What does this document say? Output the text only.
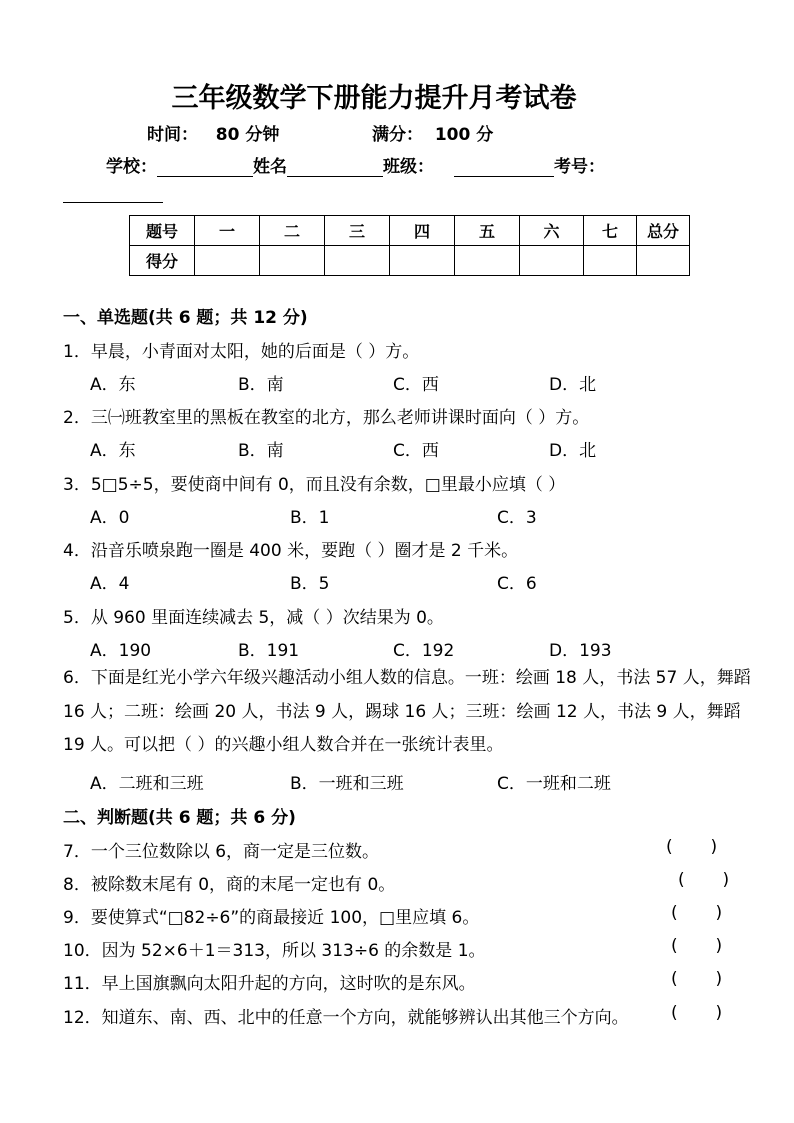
三年级数学下册能力提升月考试卷
时间：   80 分钟	满分：  100 分
学校：	姓名	班级：	考号：
题号	一	二	三	四	五	六	七	总分
得分								
一、单选题(共 6 题；共 12 分)
1．早晨，小青面对太阳，她的后面是（ ）方。
A．东	B．南	C．西	D．北
2．三㈠班教室里的黑板在教室的北方，那么老师讲课时面向（ ）方。
A．东	B．南	C．西	D．北
3．5□5÷5，要使商中间有 0，而且没有余数，□里最小应填（ ）
A．0	B．1	C．3
4．沿音乐喷泉跑一圈是 400 米，要跑（ ）圈才是 2 千米。
A．4	B．5	C．6
5．从 960 里面连续减去 5，减（ ）次结果为 0。
A．190	B．191	C．192	D．193
6．下面是红光小学六年级兴趣活动小组人数的信息。一班：绘画 18 人，书法 57 人，舞蹈 16 人；二班：绘画 20 人，书法 9 人，踢球 16 人；三班：绘画 12 人，书法 9 人，舞蹈 19 人。可以把（ ）的兴趣小组人数合并在一张统计表里。
A．二班和三班	B．一班和三班	C．一班和二班
二、判断题(共 6 题；共 6 分)
7．一个三位数除以 6，商一定是三位数。	(       )
8．被除数末尾有 0，商的末尾一定也有 0。	(       )
9．要使算式“□82÷6”的商最接近 100，□里应填 6。	(       )
10．因为 52×6＋1＝313，所以 313÷6 的余数是 1。	(       )
11．早上国旗飘向太阳升起的方向，这时吹的是东风。	(       )
12．知道东、南、西、北中的任意一个方向，就能够辨认出其他三个方向。 (       )
